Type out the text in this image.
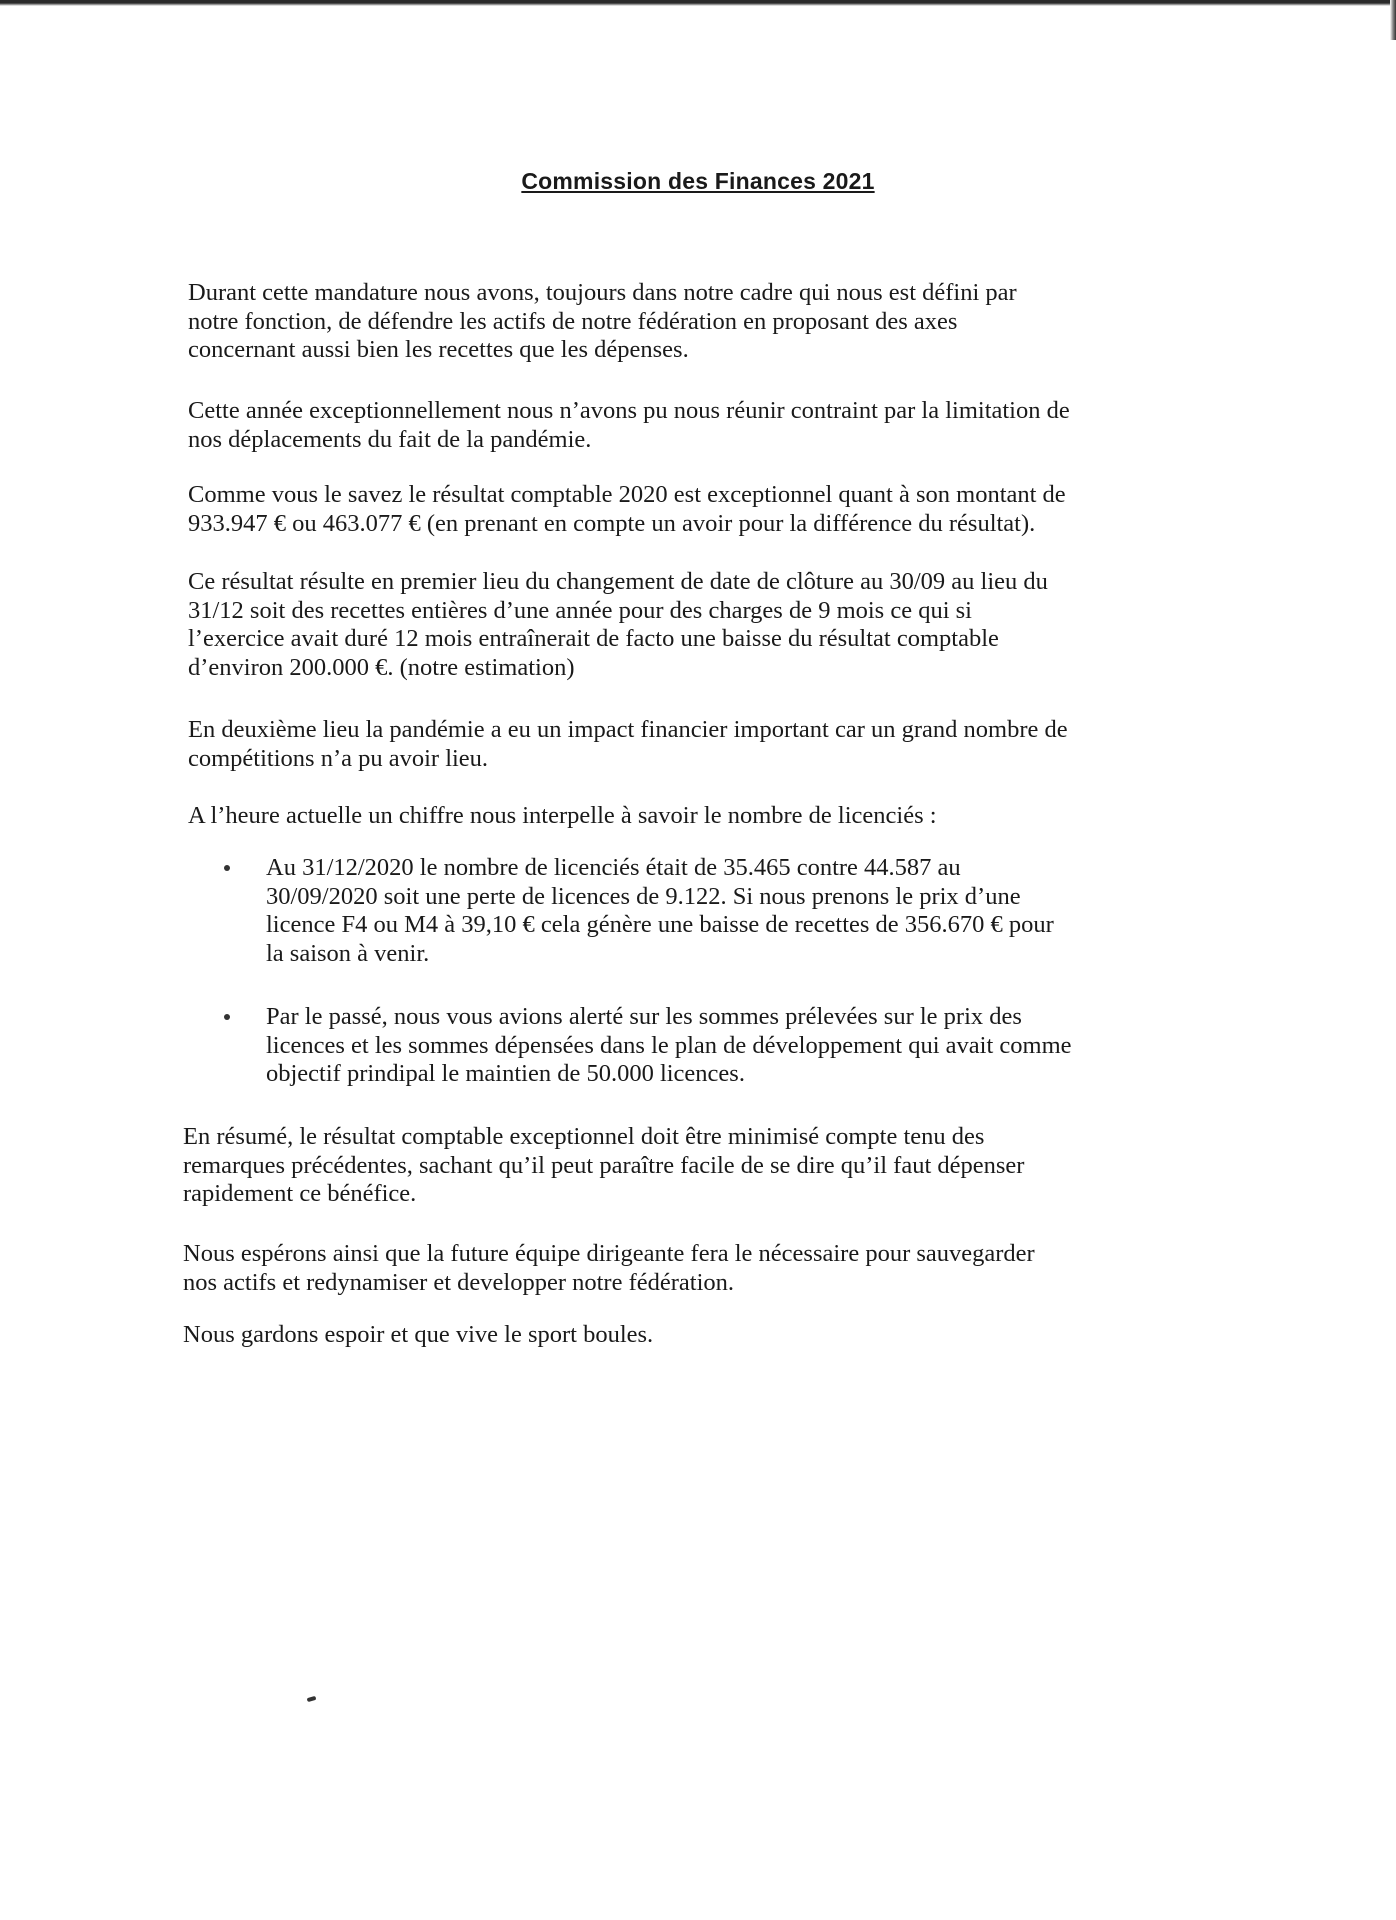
Commission des Finances 2021

Durant cette mandature nous avons, toujours dans notre cadre qui nous est défini par
notre fonction, de défendre les actifs de notre fédération en proposant des axes
concernant aussi bien les recettes que les dépenses.

Cette année exceptionnellement nous n’avons pu nous réunir contraint par la limitation de
nos déplacements du fait de la pandémie.

Comme vous le savez le résultat comptable 2020 est exceptionnel quant à son montant de
933.947 € ou 463.077 € (en prenant en compte un avoir pour la différence du résultat).

Ce résultat résulte en premier lieu du changement de date de clôture au 30/09 au lieu du
31/12 soit des recettes entières d’une année pour des charges de 9 mois ce qui si
l’exercice avait duré 12 mois entraînerait de facto une baisse du résultat comptable
d’environ 200.000 €. (notre estimation)

En deuxième lieu la pandémie a eu un impact financier important car un grand nombre de
compétitions n’a pu avoir lieu.

A l’heure actuelle un chiffre nous interpelle à savoir le nombre de licenciés :

Au 31/12/2020 le nombre de licenciés était de 35.465 contre 44.587 au
30/09/2020 soit une perte de licences de 9.122. Si nous prenons le prix d’une
licence F4 ou M4 à 39,10 € cela génère une baisse de recettes de 356.670 € pour
la saison à venir.
Par le passé, nous vous avions alerté sur les sommes prélevées sur le prix des
licences et les sommes dépensées dans le plan de développement qui avait comme
objectif prindipal le maintien de 50.000 licences.

En résumé, le résultat comptable exceptionnel doit être minimisé compte tenu des
remarques précédentes, sachant qu’il peut paraître facile de se dire qu’il faut dépenser
rapidement ce bénéfice.

Nous espérons ainsi que la future équipe dirigeante fera le nécessaire pour sauvegarder
nos actifs et redynamiser et developper notre fédération.

Nous gardons espoir et que vive le sport boules.
